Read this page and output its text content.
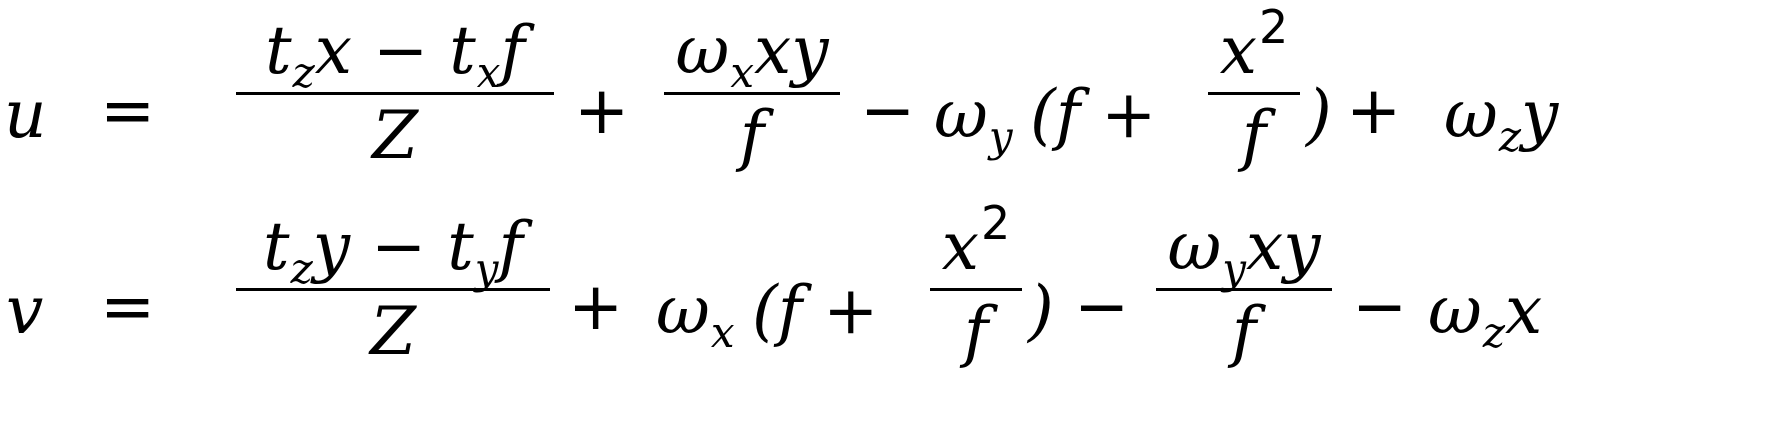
u =
$t_zx - t_xf$
Z	+
$\omega_xxy$
f	− $\omega_y$ (f +
$x^2$
f ) + $\omega_zy$
v =
$t_zy - t_yf$
Z	+ $\omega_x$ (f +
$x^2$
f ) −
$\omega_yxy$
f	− $\omega_zx$
